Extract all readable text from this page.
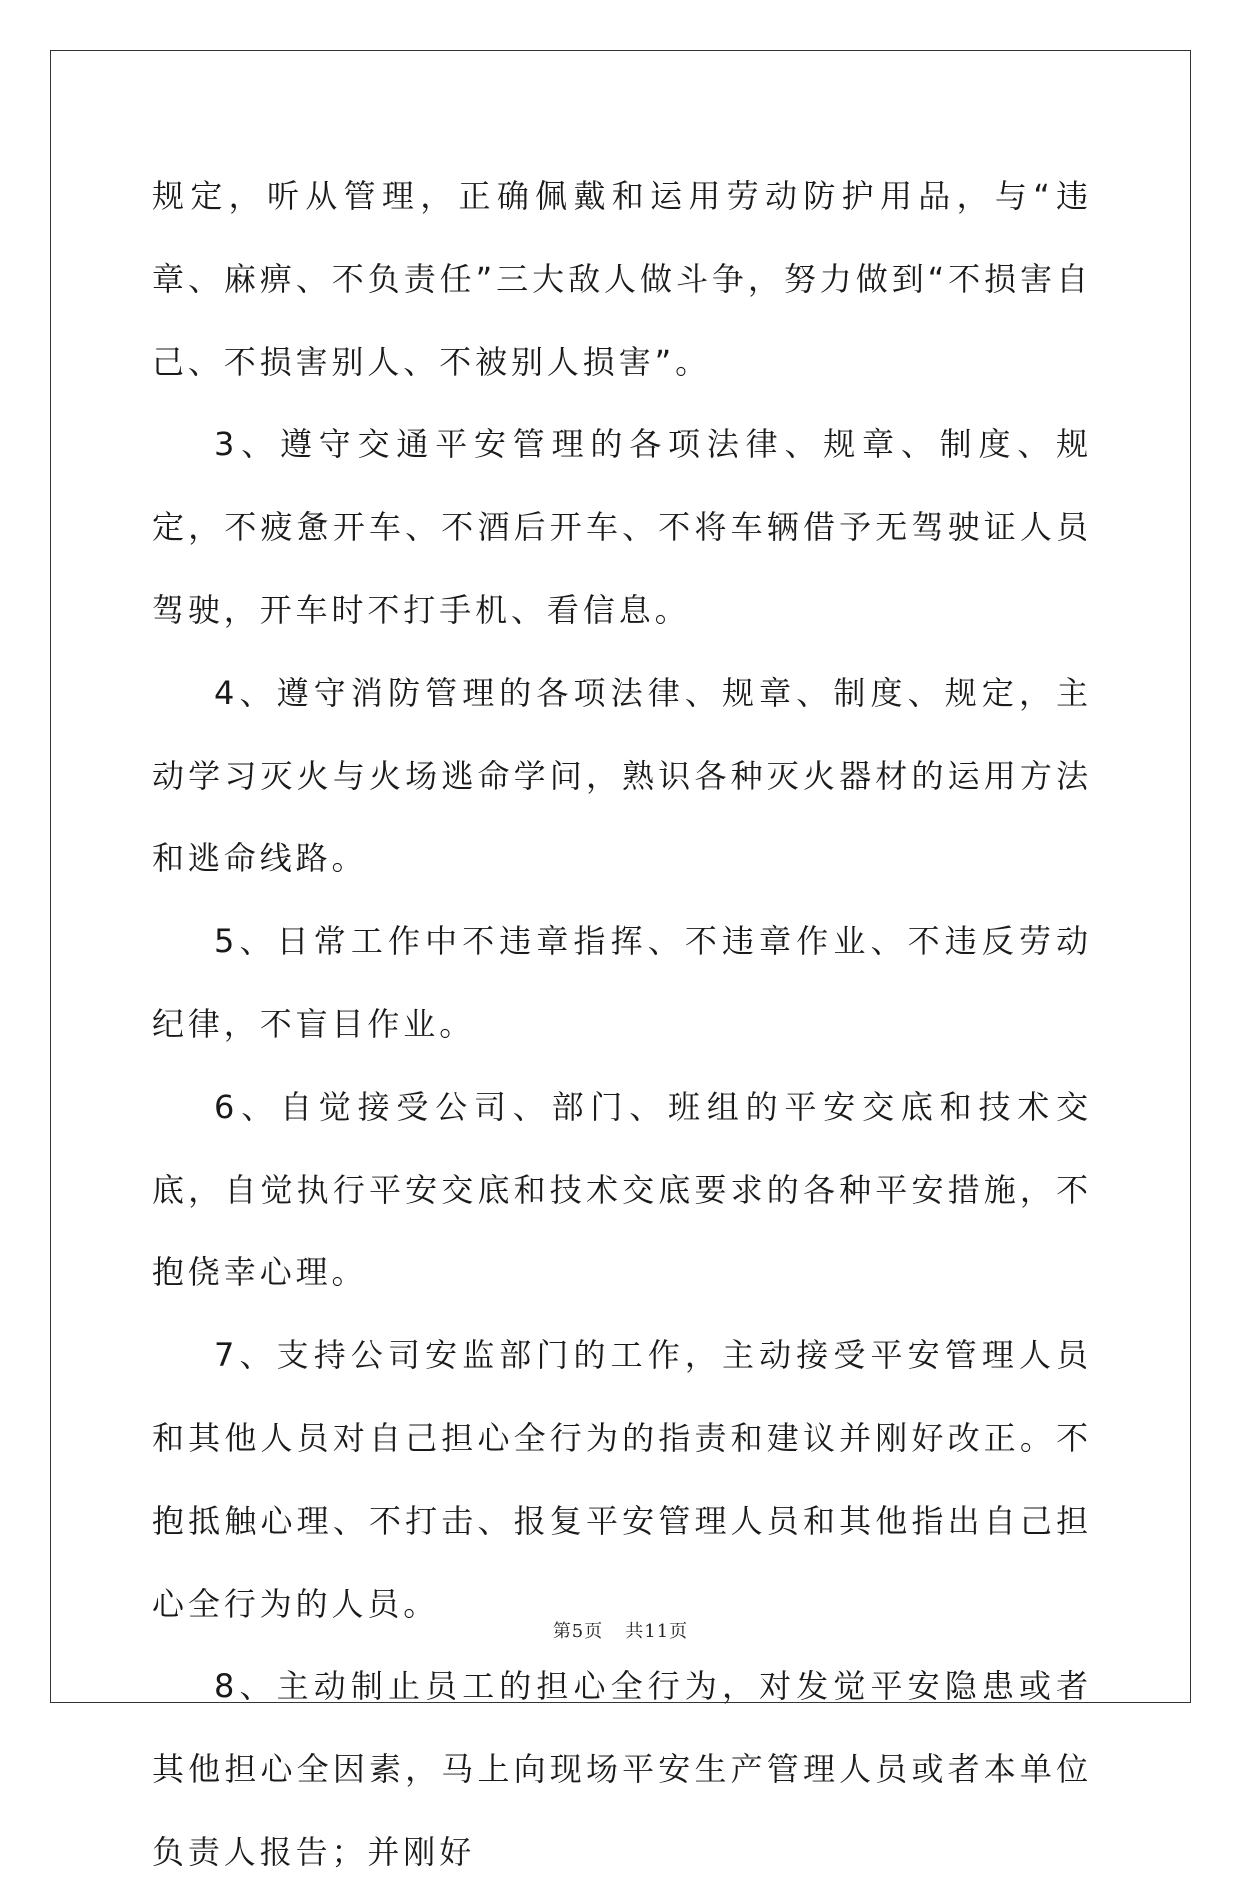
规定，听从管理，正确佩戴和运用劳动防护用品，与“违章、麻痹、不负责任”三大敌人做斗争，努力做到“不损害自己、不损害别人、不被别人损害”。

3、遵守交通平安管理的各项法律、规章、制度、规定，不疲惫开车、不酒后开车、不将车辆借予无驾驶证人员驾驶，开车时不打手机、看信息。

4、遵守消防管理的各项法律、规章、制度、规定，主动学习灭火与火场逃命学问，熟识各种灭火器材的运用方法和逃命线路。

5、日常工作中不违章指挥、不违章作业、不违反劳动纪律，不盲目作业。

6、自觉接受公司、部门、班组的平安交底和技术交底，自觉执行平安交底和技术交底要求的各种平安措施，不抱侥幸心理。

7、支持公司安监部门的工作，主动接受平安管理人员和其他人员对自己担心全行为的指责和建议并刚好改正。不抱抵触心理、不打击、报复平安管理人员和其他指出自己担心全行为的人员。

8、主动制止员工的担心全行为，对发觉平安隐患或者其他担心全因素，马上向现场平安生产管理人员或者本单位负责人报告；并刚好

第5页 共11页
